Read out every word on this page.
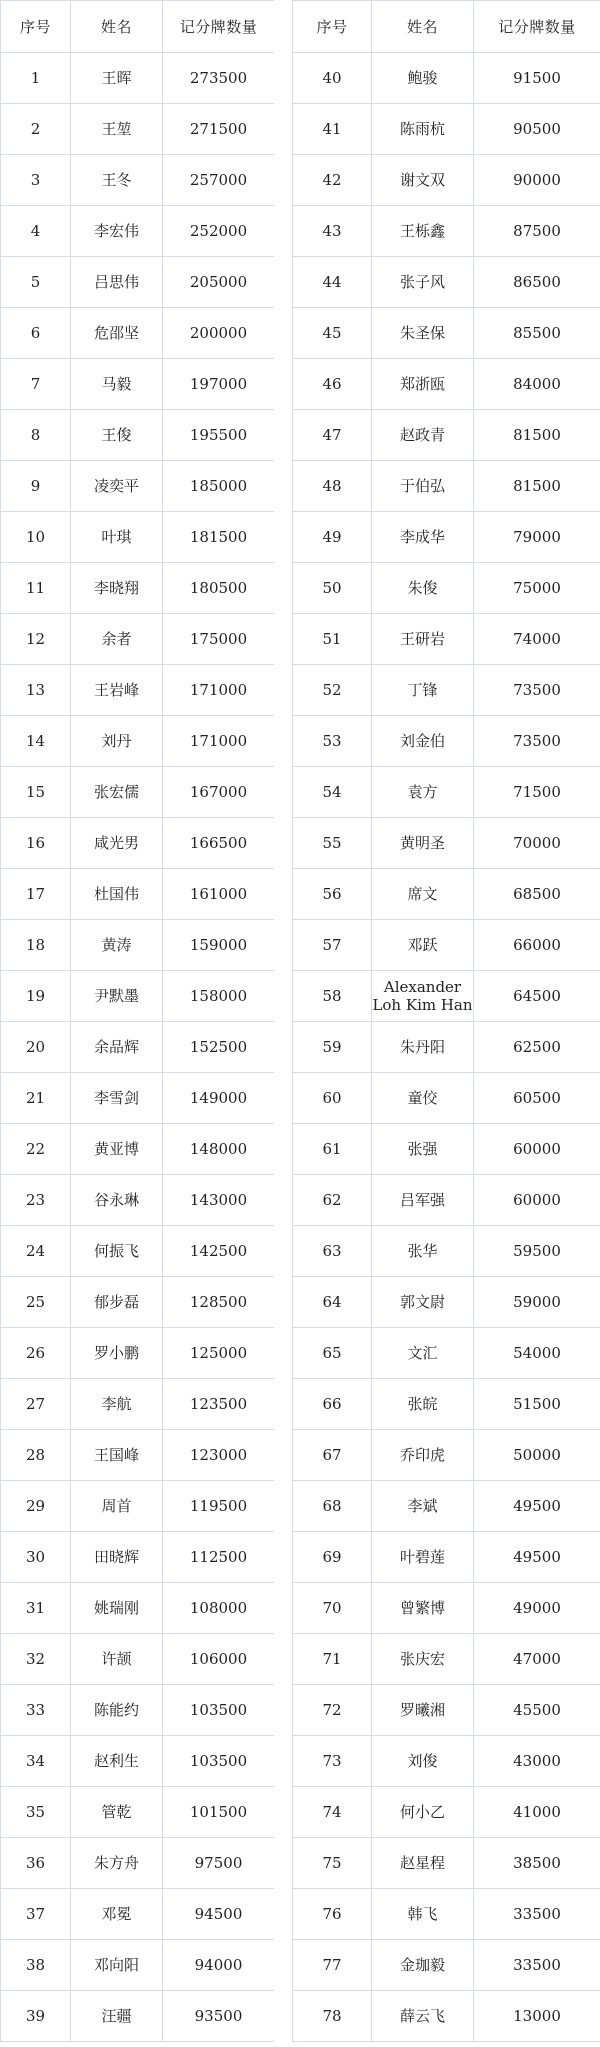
序号	姓名	记分牌数量
1	王晖	273500
2	王堃	271500
3	王冬	257000
4	李宏伟	252000
5	吕思伟	205000
6	危邵坚	200000
7	马毅	197000
8	王俊	195500
9	凌奕平	185000
10	叶琪	181500
11	李晓翔	180500
12	余者	175000
13	王岩峰	171000
14	刘丹	171000
15	张宏儒	167000
16	咸光男	166500
17	杜国伟	161000
18	黄涛	159000
19	尹默墨	158000
20	余品辉	152500
21	李雪剑	149000
22	黄亚博	148000
23	谷永琳	143000
24	何振飞	142500
25	郁步磊	128500
26	罗小鹏	125000
27	李航	123500
28	王国峰	123000
29	周首	119500
30	田晓辉	112500
31	姚瑞刚	108000
32	许颉	106000
33	陈能约	103500
34	赵利生	103500
35	管乾	101500
36	朱方舟	97500
37	邓冕	94500
38	邓向阳	94000
39	汪疆	93500
序号	姓名	记分牌数量
40	鲍骏	91500
41	陈雨杭	90500
42	谢文双	90000
43	王栎鑫	87500
44	张子风	86500
45	朱圣保	85500
46	郑浙瓯	84000
47	赵政青	81500
48	于伯弘	81500
49	李成华	79000
50	朱俊	75000
51	王研岩	74000
52	丁锋	73500
53	刘金伯	73500
54	袁方	71500
55	黄明圣	70000
56	席文	68500
57	邓跃	66000
58	Alexander Loh Kim Han	64500
59	朱丹阳	62500
60	童佼	60500
61	张强	60000
62	吕军强	60000
63	张华	59500
64	郭文尉	59000
65	文汇	54000
66	张皖	51500
67	乔印虎	50000
68	李斌	49500
69	叶碧莲	49500
70	曾繁博	49000
71	张庆宏	47000
72	罗曦湘	45500
73	刘俊	43000
74	何小乙	41000
75	赵星程	38500
76	韩飞	33500
77	金珈毅	33500
78	薛云飞	13000
